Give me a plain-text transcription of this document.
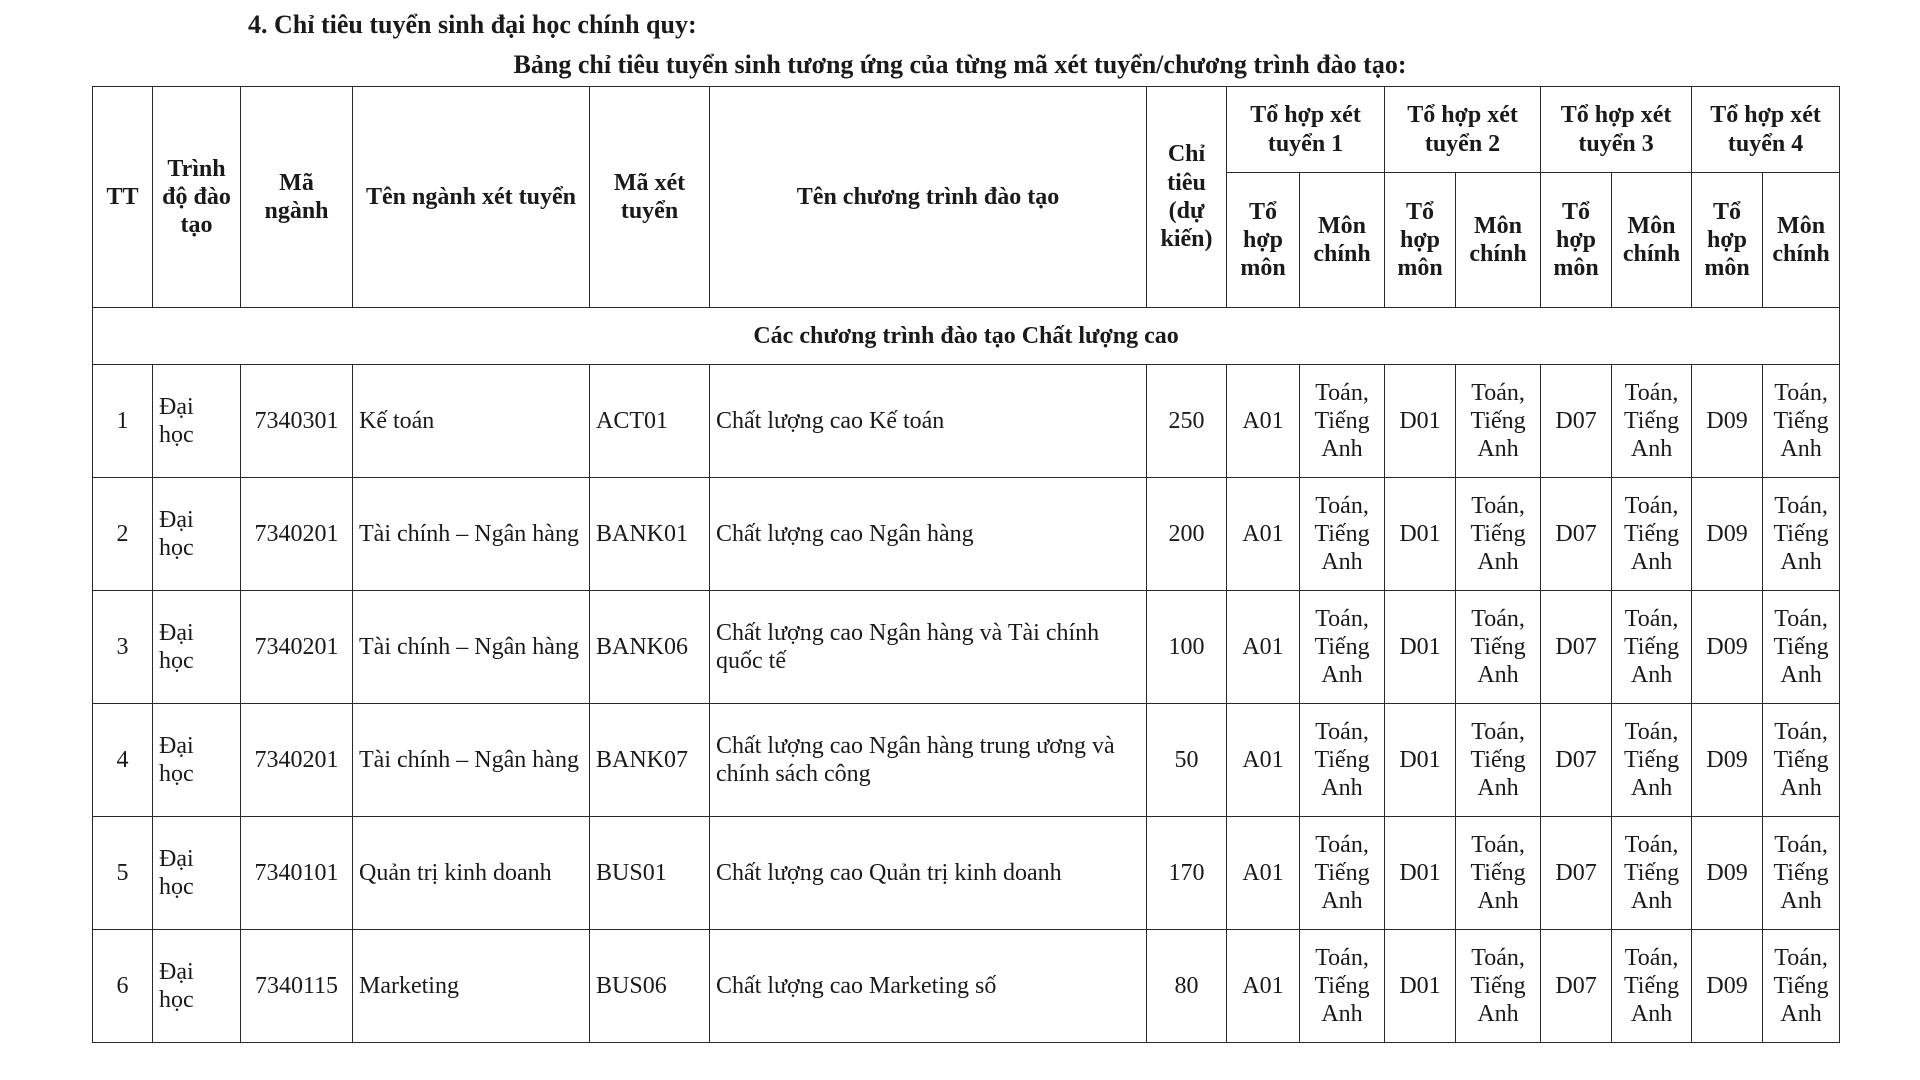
4. Chỉ tiêu tuyển sinh đại học chính quy:
Bảng chỉ tiêu tuyển sinh tương ứng của từng mã xét tuyển/chương trình đào tạo:
TT	Trình độ đào tạo	Mã ngành	Tên ngành xét tuyển	Mã xét tuyển	Tên chương trình đào tạo	Chỉ tiêu (dự kiến)	Tổ hợp xét tuyển 1		Tổ hợp xét tuyển 2		Tổ hợp xét tuyển 3		Tổ hợp xét tuyển 4	
							Tổ hợp môn	Môn chính	Tổ hợp môn	Môn chính	Tổ hợp môn	Môn chính	Tổ hợp môn	Môn chính
Các chương trình đào tạo Chất lượng cao														
1	Đại học	7340301	Kế toán	ACT01	Chất lượng cao Kế toán	250	A01	Toán, Tiếng Anh	D01	Toán, Tiếng Anh	D07	Toán, Tiếng Anh	D09	Toán, Tiếng Anh
2	Đại học	7340201	Tài chính – Ngân hàng	BANK01	Chất lượng cao Ngân hàng	200	A01	Toán, Tiếng Anh	D01	Toán, Tiếng Anh	D07	Toán, Tiếng Anh	D09	Toán, Tiếng Anh
3	Đại học	7340201	Tài chính – Ngân hàng	BANK06	Chất lượng cao Ngân hàng và Tài chính quốc tế	100	A01	Toán, Tiếng Anh	D01	Toán, Tiếng Anh	D07	Toán, Tiếng Anh	D09	Toán, Tiếng Anh
4	Đại học	7340201	Tài chính – Ngân hàng	BANK07	Chất lượng cao Ngân hàng trung ương và chính sách công	50	A01	Toán, Tiếng Anh	D01	Toán, Tiếng Anh	D07	Toán, Tiếng Anh	D09	Toán, Tiếng Anh
5	Đại học	7340101	Quản trị kinh doanh	BUS01	Chất lượng cao Quản trị kinh doanh	170	A01	Toán, Tiếng Anh	D01	Toán, Tiếng Anh	D07	Toán, Tiếng Anh	D09	Toán, Tiếng Anh
6	Đại học	7340115	Marketing	BUS06	Chất lượng cao Marketing số	80	A01	Toán, Tiếng Anh	D01	Toán, Tiếng Anh	D07	Toán, Tiếng Anh	D09	Toán, Tiếng Anh
